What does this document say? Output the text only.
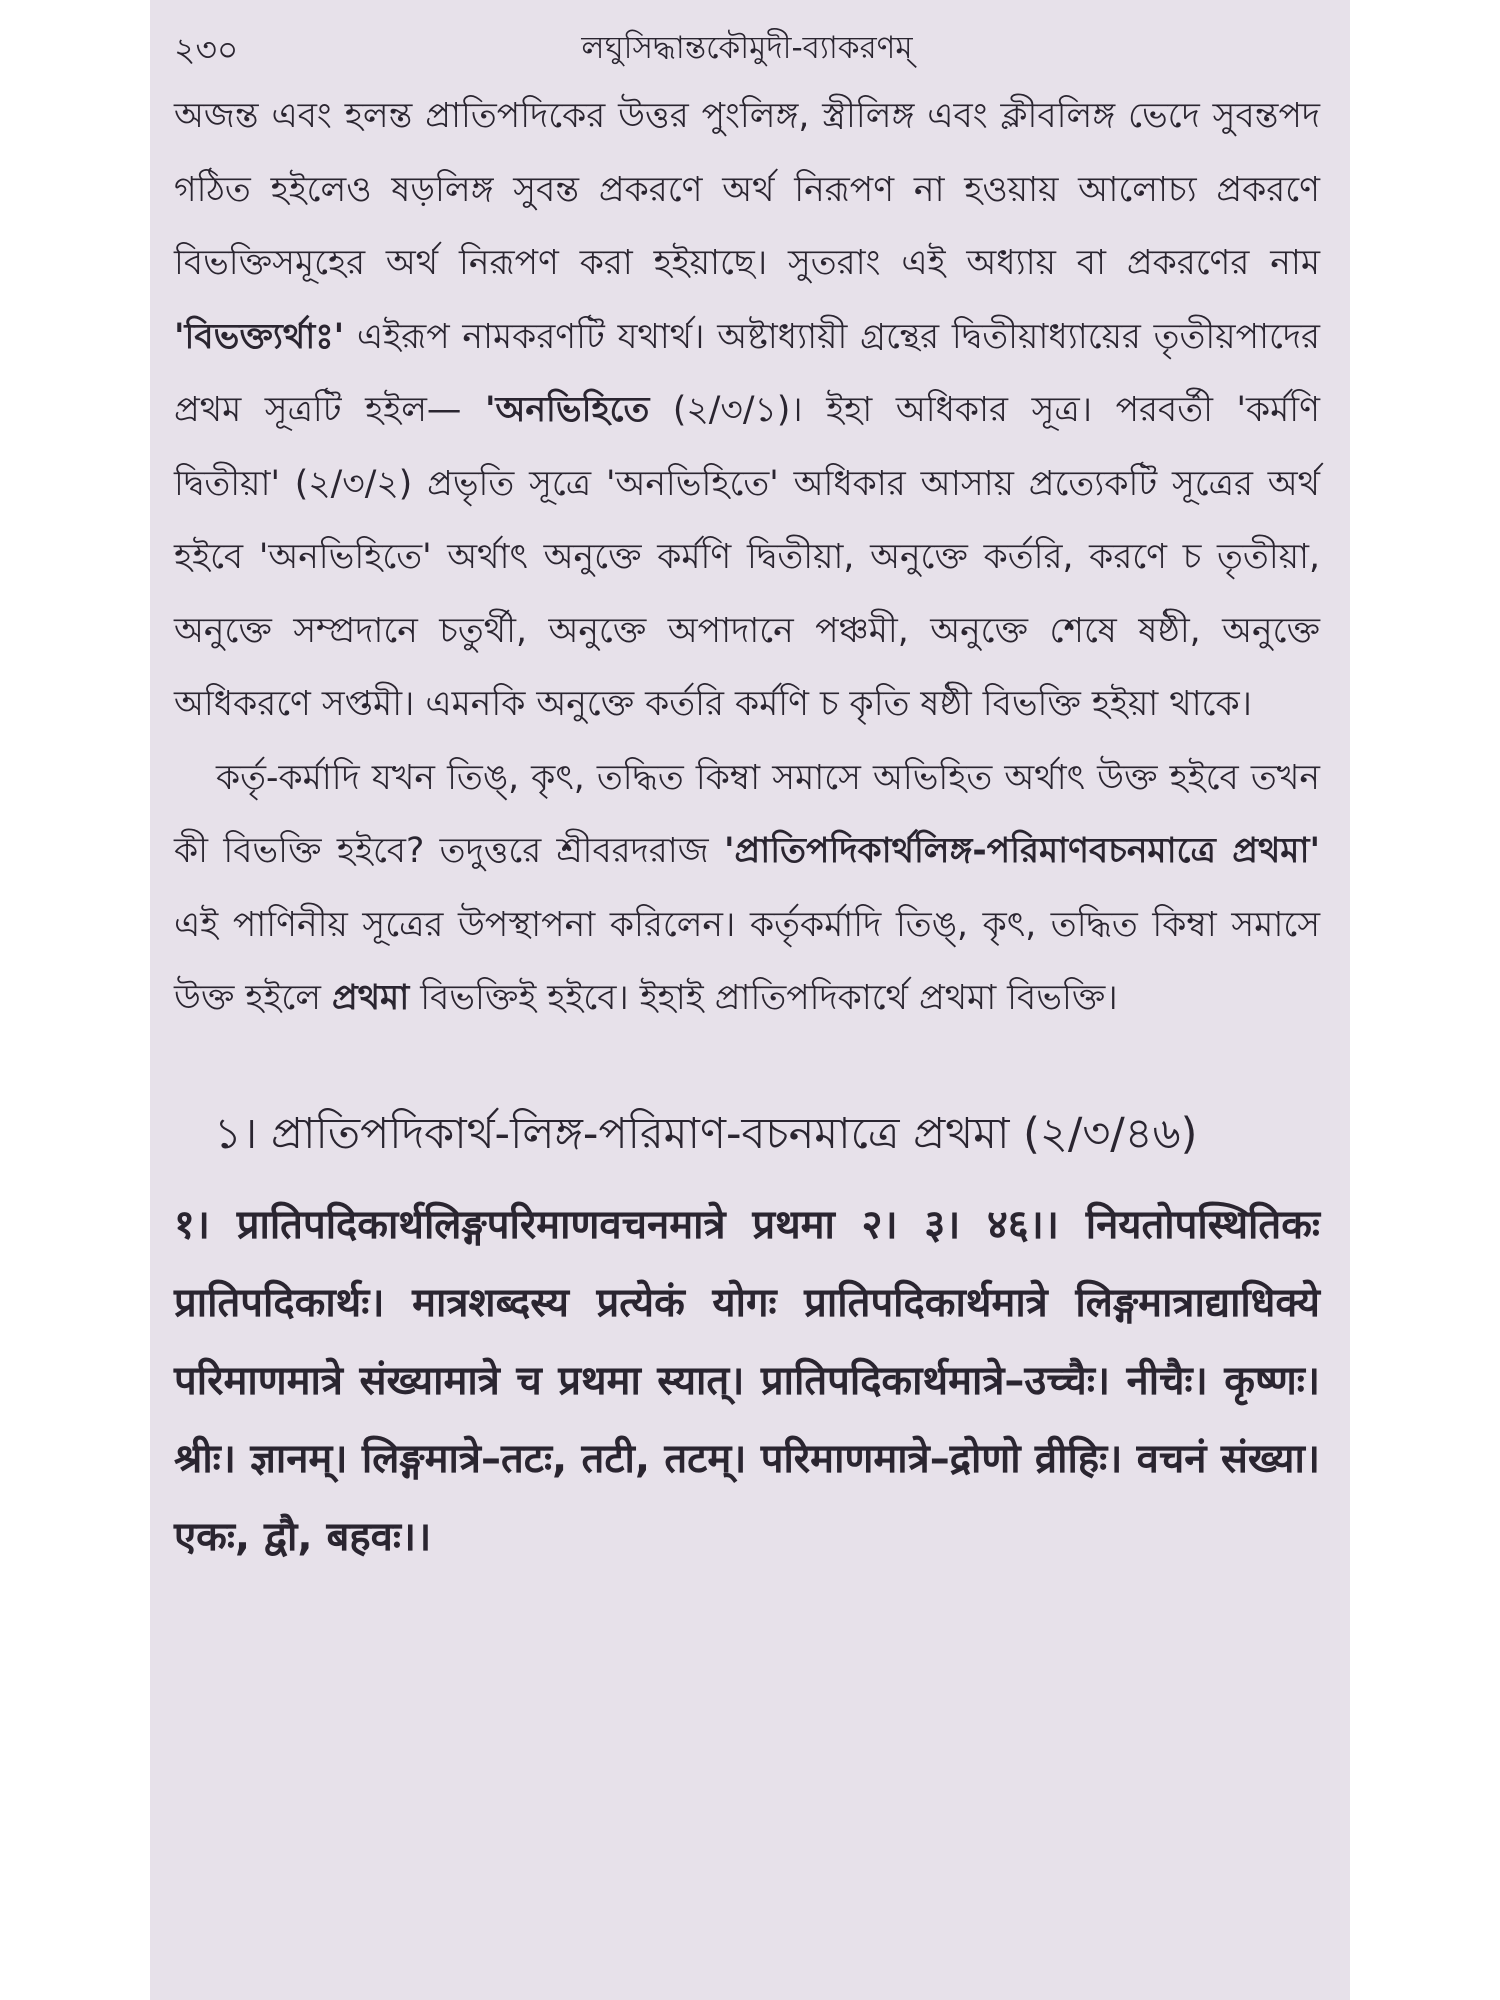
২৩০	লঘুসিদ্ধান্তকৌমুদী-ব্যাকরণম্

অজন্ত এবং হলন্ত প্রাতিপদিকের উত্তর পুংলিঙ্গ, স্ত্রীলিঙ্গ এবং ক্লীবলিঙ্গ ভেদে সুবন্তপদ গঠিত হইলেও ষড়লিঙ্গ সুবন্ত প্রকরণে অর্থ নিরূপণ না হওয়ায় আলোচ্য প্রকরণে বিভক্তিসমূহের অর্থ নিরূপণ করা হইয়াছে। সুতরাং এই অধ্যায় বা প্রকরণের নাম 'বিভক্ত্যর্থাঃ' এইরূপ নামকরণটি যথার্থ। অষ্টাধ্যায়ী গ্রন্থের দ্বিতীয়াধ্যায়ের তৃতীয়পাদের প্রথম সূত্রটি হইল— 'অনভিহিতে (২/৩/১)। ইহা অধিকার সূত্র। পরবর্তী 'কর্মণি দ্বিতীয়া' (২/৩/২) প্রভৃতি সূত্রে 'অনভিহিতে' অধিকার আসায় প্রত্যেকটি সূত্রের অর্থ হইবে 'অনভিহিতে' অর্থাৎ অনুক্তে কর্মণি দ্বিতীয়া, অনুক্তে কর্তরি, করণে চ তৃতীয়া, অনুক্তে সম্প্রদানে চতুর্থী, অনুক্তে অপাদানে পঞ্চমী, অনুক্তে শেষে ষষ্ঠী, অনুক্তে অধিকরণে সপ্তমী। এমনকি অনুক্তে কর্তরি কর্মণি চ কৃতি ষষ্ঠী বিভক্তি হইয়া থাকে।

কর্তৃ-কর্মাদি যখন তিঙ্, কৃৎ, তদ্ধিত কিম্বা সমাসে অভিহিত অর্থাৎ উক্ত হইবে তখন কী বিভক্তি হইবে? তদুত্তরে শ্রীবরদরাজ 'প্রাতিপদিকার্থলিঙ্গ-পরিমাণবচনমাত্রে প্রথমা' এই পাণিনীয় সূত্রের উপস্থাপনা করিলেন। কর্তৃকর্মাদি তিঙ্, কৃৎ, তদ্ধিত কিম্বা সমাসে উক্ত হইলে প্রথমা বিভক্তিই হইবে। ইহাই প্রাতিপদিকার্থে প্রথমা বিভক্তি।

১। প্রাতিপদিকার্থ-লিঙ্গ-পরিমাণ-বচনমাত্রে প্রথমা (২/৩/৪৬)

१। प्रातिपदिकार्थलिङ्गपरिमाणवचनमात्रे प्रथमा २। ३। ४६।। नियतोपस्थितिकः प्रातिपदिकार्थः। मात्रशब्दस्य प्रत्येकं योगः प्रातिपदिकार्थमात्रे लिङ्गमात्राद्याधिक्ये परिमाणमात्रे संख्यामात्रे च प्रथमा स्यात्। प्रातिपदिकार्थमात्रे–उच्चैः। नीचैः। कृष्णः। श्रीः। ज्ञानम्। लिङ्गमात्रे–तटः, तटी, तटम्। परिमाणमात्रे–द्रोणो व्रीहिः। वचनं संख्या। एकः, द्वौ, बहवः।।
